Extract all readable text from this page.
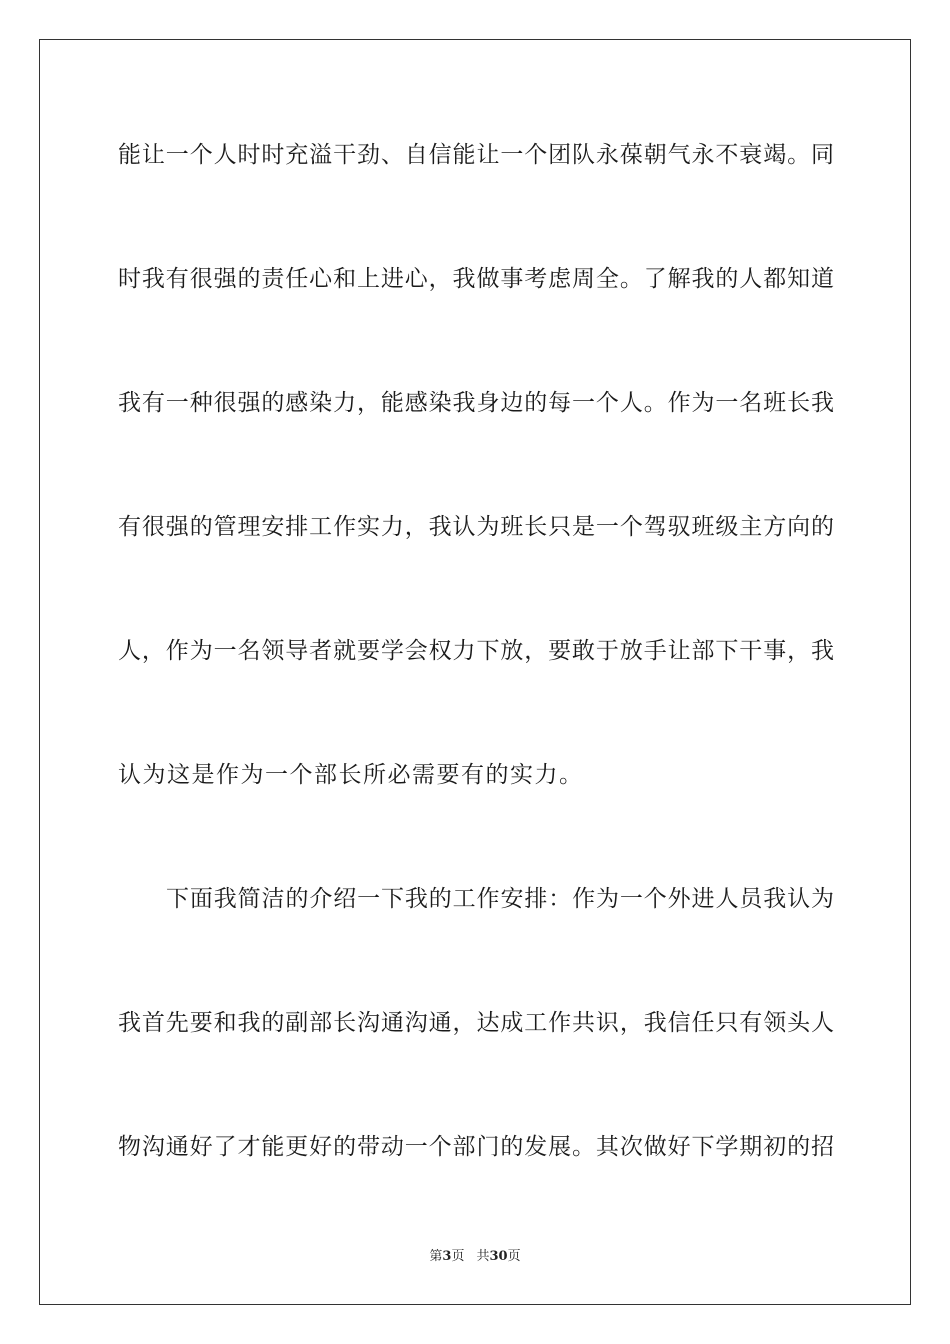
能让一个人时时充溢干劲、自信能让一个团队永葆朝气永不衰竭。同
时我有很强的责任心和上进心，我做事考虑周全。了解我的人都知道
我有一种很强的感染力，能感染我身边的每一个人。作为一名班长我
有很强的管理安排工作实力，我认为班长只是一个驾驭班级主方向的
人，作为一名领导者就要学会权力下放，要敢于放手让部下干事，我
认为这是作为一个部长所必需要有的实力。
下面我简洁的介绍一下我的工作安排：作为一个外进人员我认为
我首先要和我的副部长沟通沟通，达成工作共识，我信任只有领头人
物沟通好了才能更好的带动一个部门的发展。其次做好下学期初的招
第3页 共30页
